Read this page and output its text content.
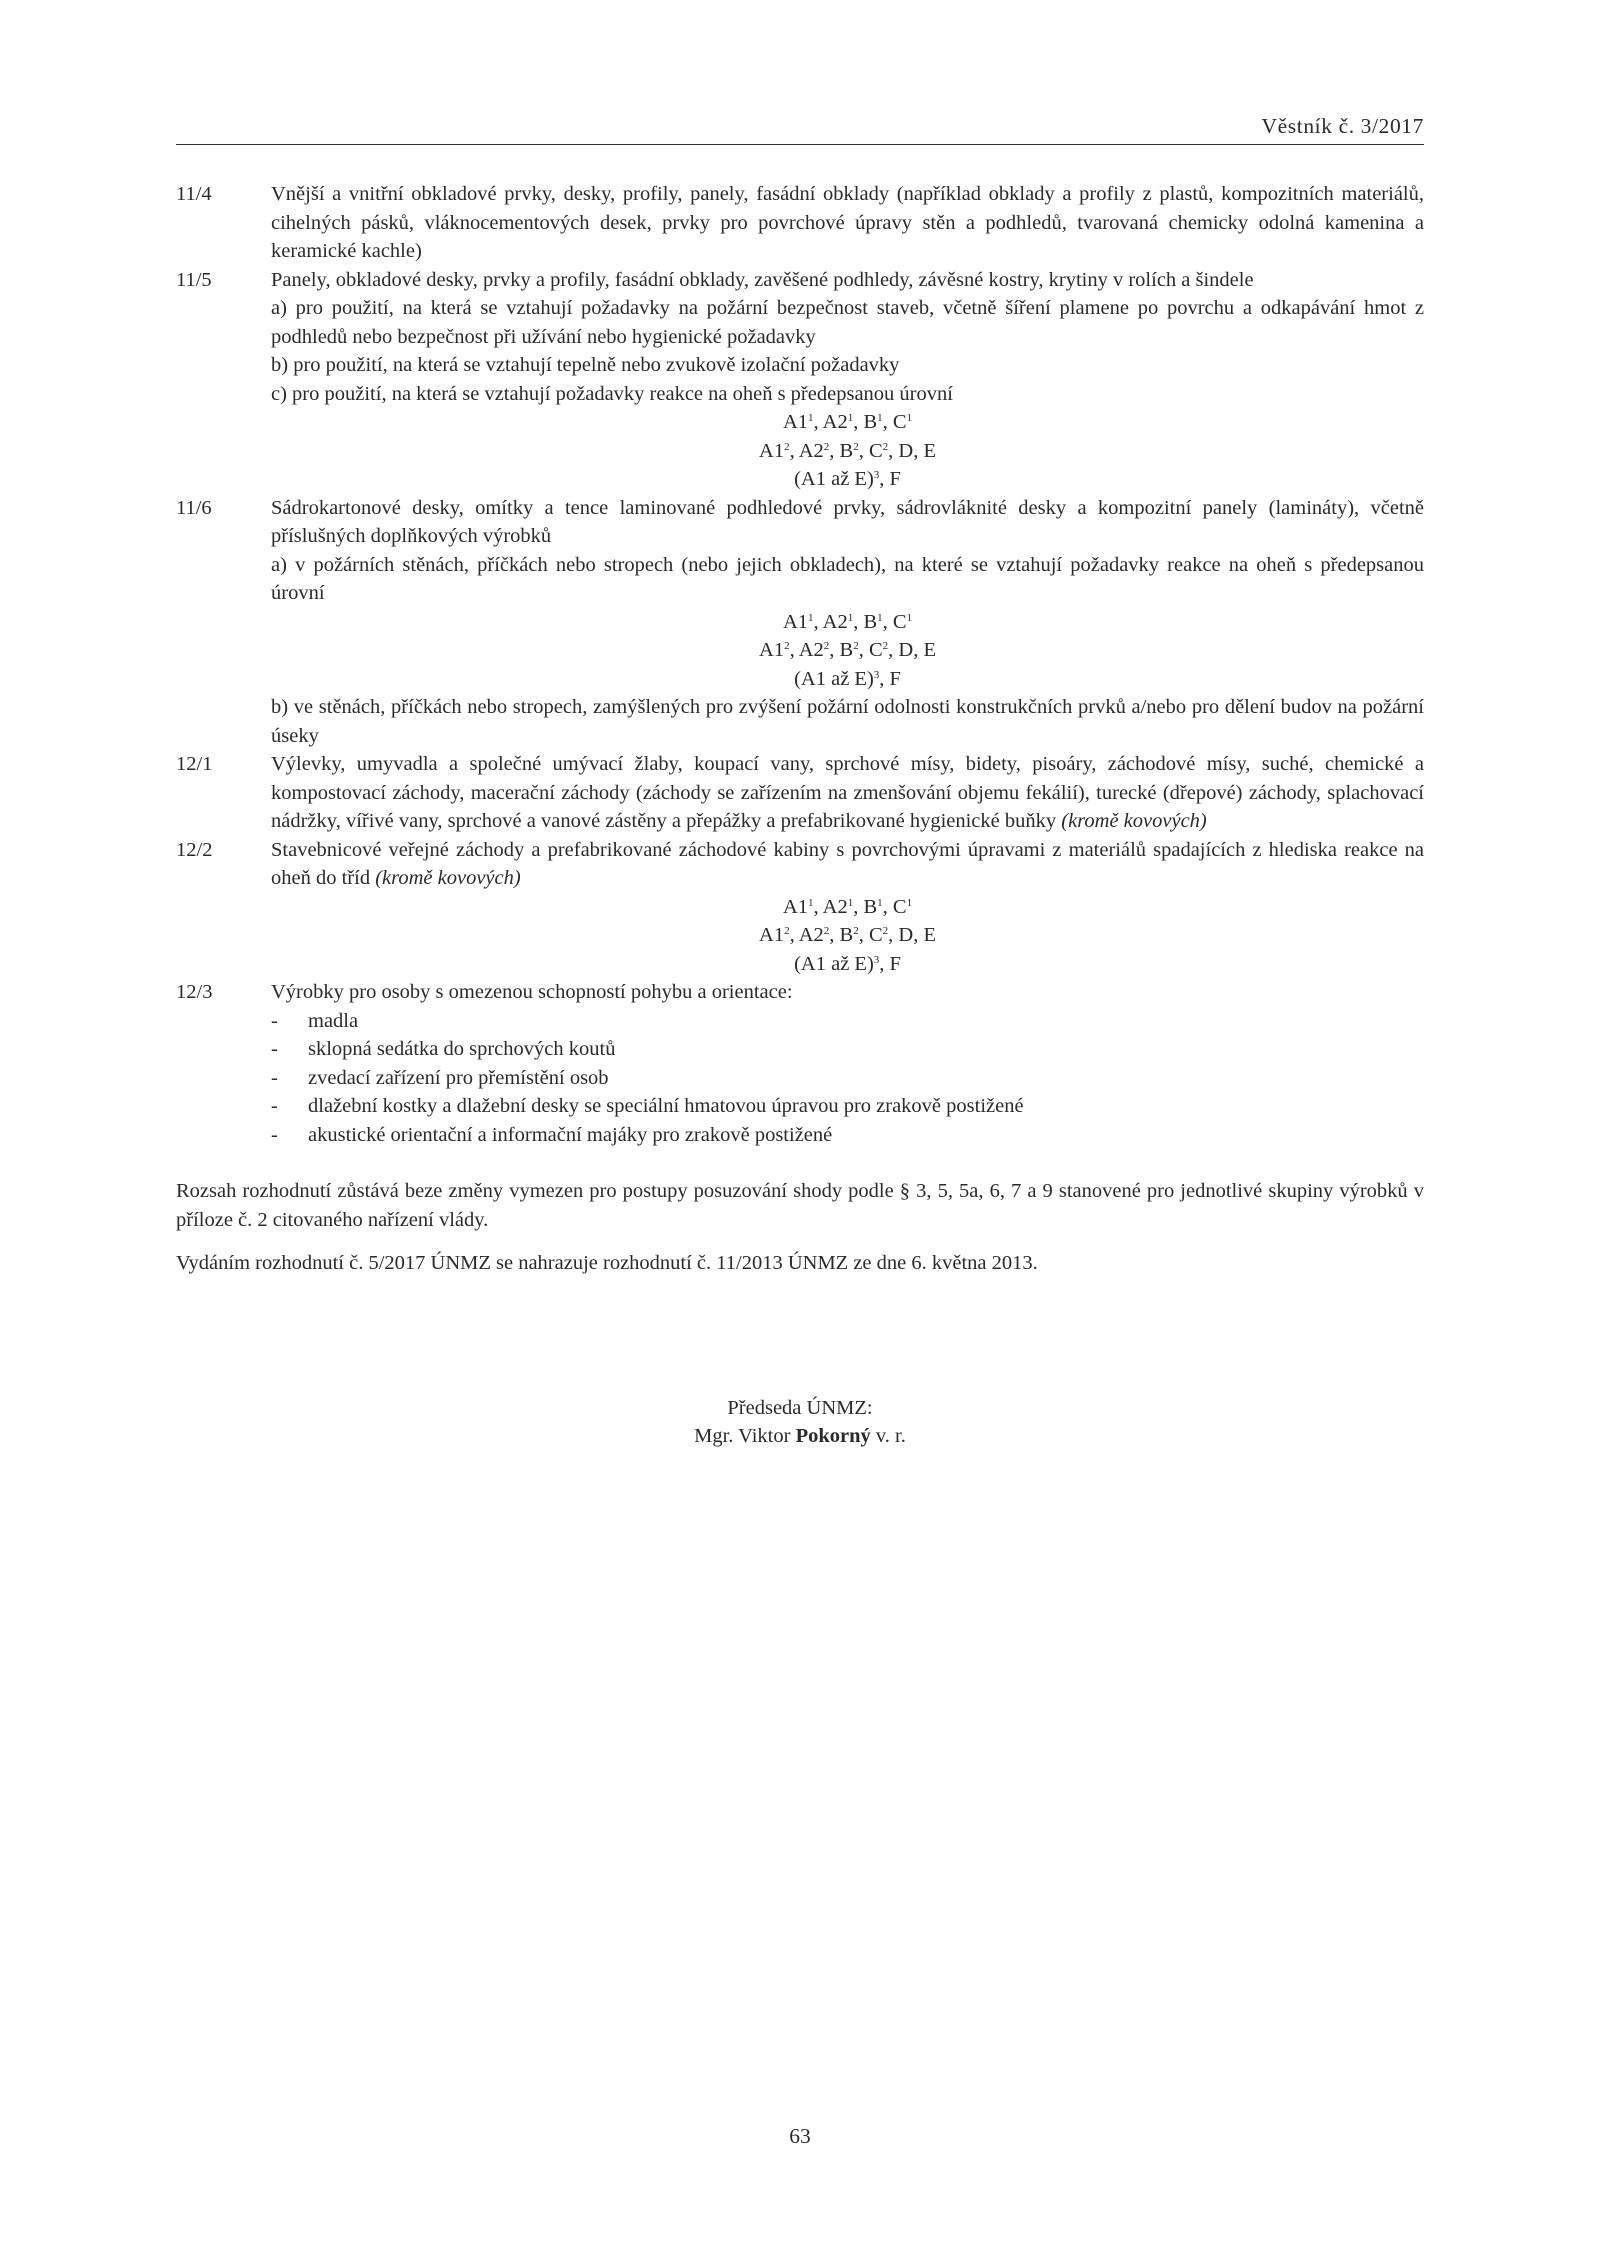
Věstník č. 3/2017
11/4	Vnější a vnitřní obkladové prvky, desky, profily, panely, fasádní obklady (například obklady a profily z plastů, kompozitních materiálů, cihelných pásků, vláknocementových desek, prvky pro povrchové úpravy stěn a podhledů, tvarovaná chemicky odolná kamenina a keramické kachle)
11/5	Panely, obkladové desky, prvky a profily, fasádní obklady, zavěšené podhledy, závěsné kostry, krytiny v rolích a šindele
a) pro použití, na která se vztahují požadavky na požární bezpečnost staveb, včetně šíření plamene po povrchu a odkapávání hmot z podhledů nebo bezpečnost při užívání nebo hygienické požadavky
b) pro použití, na která se vztahují tepelně nebo zvukově izolační požadavky
c) pro použití, na která se vztahují požadavky reakce na oheň s předepsanou úrovní
$A1^1$, $A2^1$, $B^1$, $C^1$
$A1^2$, $A2^2$, $B^2$, $C^2$, D, E
(A1 až E)$^3$, F
11/6	Sádrokartonové desky, omítky a tence laminované podhledové prvky, sádrovláknité desky a kompozitní panely (lamináty), včetně příslušných doplňkových výrobků
a) v požárních stěnách, příčkách nebo stropech (nebo jejich obkladech), na které se vztahují požadavky reakce na oheň s předepsanou úrovní
$A1^1$, $A2^1$, $B^1$, $C^1$
$A1^2$, $A2^2$, $B^2$, $C^2$, D, E
(A1 až E)$^3$, F
b) ve stěnách, příčkách nebo stropech, zamýšlených pro zvýšení požární odolnosti konstrukčních prvků a/nebo pro dělení budov na požární úseky
12/1	Výlevky, umyvadla a společné umývací žlaby, koupací vany, sprchové mísy, bidety, pisoáry, záchodové mísy, suché, chemické a kompostovací záchody, macerační záchody (záchody se zařízením na zmenšování objemu fekálií), turecké (dřepové) záchody, splachovací nádržky, vířivé vany, sprchové a vanové zástěny a přepážky a prefabrikované hygienické buňky (kromě kovových)
12/2	Stavebnicové veřejné záchody a prefabrikované záchodové kabiny s povrchovými úpravami z materiálů spadajících z hlediska reakce na oheň do tříd (kromě kovových)
$A1^1$, $A2^1$, $B^1$, $C^1$
$A1^2$, $A2^2$, $B^2$, $C^2$, D, E
(A1 až E)$^3$, F
12/3	Výrobky pro osoby s omezenou schopností pohybu a orientace:
- madla
- sklopná sedátka do sprchových koutů
- zvedací zařízení pro přemístění osob
- dlažební kostky a dlažební desky se speciální hmatovou úpravou pro zrakově postižené
- akustické orientační a informační majáky pro zrakově postižené
Rozsah rozhodnutí zůstává beze změny vymezen pro postupy posuzování shody podle § 3, 5, 5a, 6, 7 a 9 stanovené pro jednotlivé skupiny výrobků v příloze č. 2 citovaného nařízení vlády.
Vydáním rozhodnutí č. 5/2017 ÚNMZ se nahrazuje rozhodnutí č. 11/2013 ÚNMZ ze dne 6. května 2013.
Předseda ÚNMZ:
Mgr. Viktor Pokorný v. r.
63
